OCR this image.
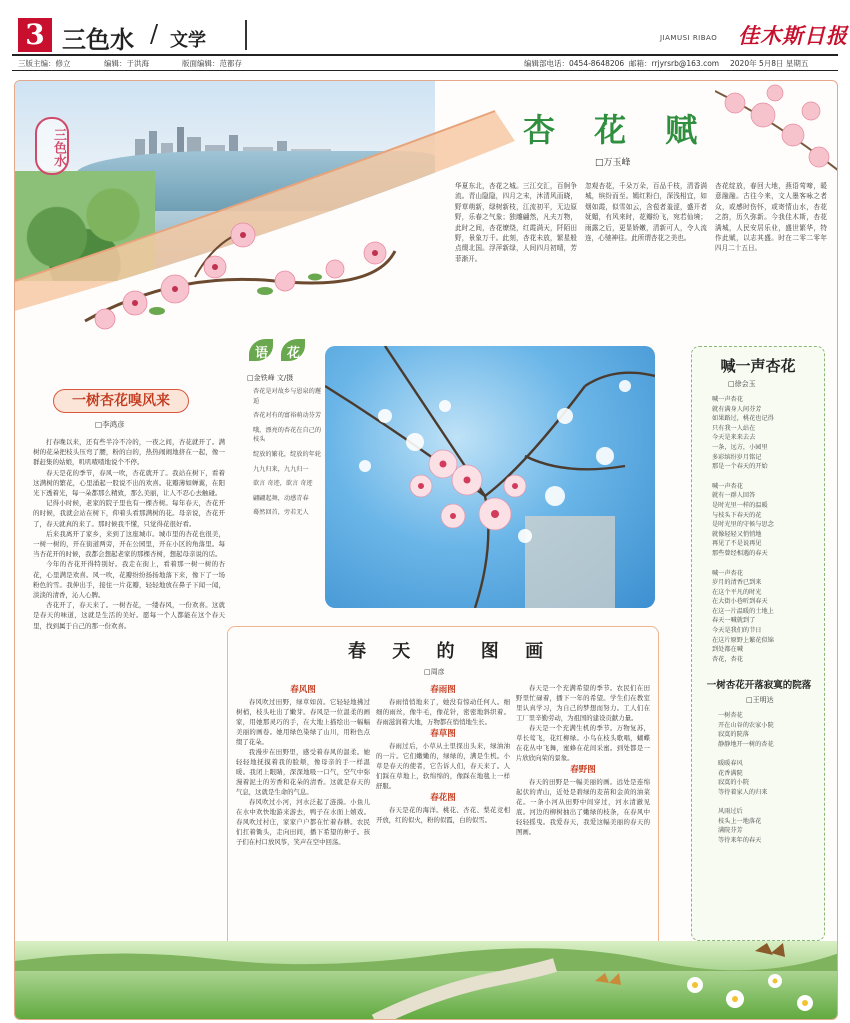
3 三色水 / 文学	JIAMUSI RIBAO 佳木斯日报
三版主编：修立	编辑：于洪海	版面编辑：范都存	编辑部电话：0454-8648206 邮箱：rrjyrsrb@163.com 2020年 5月8日 星期五
三色水	杏 花 赋
□万玉峰
华夏东北，杏花之城。三江交汇，百舸争流。青山隐隐，四月之末，沐清风而晓，野草萌新，绿树新枝，江流初平，无边原野，乐春之气象；独雕翩然，凡夫万物，此时之间，杏花缭绕，红霞满天，阡陌田野，景象万千。此刻，杏花未放，繁星般点缀北国。浮萍新绿，人间四月初晴，芳菲渐开。
忽观杏花，千朵万朵，百品千枝，清香满城，缤纷而至。嫣红粉白，深浅相宜，如烟如霞，似雪如云，含苞者羞涩，盛开者妩媚，有风来时，花瓣纷飞，宛若仙境；雨露之后，更显娇嫩，清新可人，令人流连，心驰神往。此所谓杏花之美也。
杏花绽放，春回大地，燕语莺啼，暖意融融。古往今来，文人墨客咏之者众，或感时伤怀，或寄情山水，杏花之韵，历久弥新。今我佳木斯，杏花满城，人民安居乐业，盛世繁华，特作此赋，以志其盛。时在二零二零年四月二十五日。
一树杏花嗅风来
□李鸿彦

打春晚以来，还有些半冷不冷的，一夜之间，杏花就开了。满树的花朵把枝头压弯了腰，粉的白的，热热闹闹地挤在一起，像一群赶集的姑娘，叽叽喳喳地说个不停。

春天是花的季节，春风一吹，杏花就开了。我站在树下，看着这满树的繁花，心里涌起一股说不出的欢喜。花瓣薄如蝉翼，在阳光下透着光，每一朵都那么精致，那么美丽，让人不忍心去触碰。

记得小时候，老家的院子里也有一棵杏树。每年春天，杏花开的时候，我就会站在树下，仰着头看那满树的花。母亲说，杏花开了，春天就真的来了。那时候我不懂，只觉得花很好看。

后来我离开了家乡，来到了这座城市。城市里的杏花也很美，一树一树的，开在街道两旁，开在公园里，开在小区的角落里。每当杏花开的时候，我都会想起老家的那棵杏树，想起母亲说的话。

今年的杏花开得特别好。我走在街上，看着那一树一树的杏花，心里满是欢喜。风一吹，花瓣纷纷扬扬地落下来，像下了一场粉色的雪。我伸出手，接住一片花瓣，轻轻地放在鼻子下闻一闻，淡淡的清香，沁人心脾。

杏花开了，春天来了。一树杏花，一缕春风，一份欢喜。这就是春天的味道，这就是生活的美好。愿每一个人都能在这个春天里，找到属于自己的那一份欢喜。

语 花
□金铁峰 文/摄
杏花是对故乡与恩泉的邂逅
杏花对有的富裕萌动芬芳
哦，漂亮的杏花在自己的枝头
绽放的繁花，绽放的年轮
九九归来，九九归一
欲言 奇迹，欲言 奇迹
翩翩起舞，动感青春
蓦然回首，旁若无人
喊一声杏花
□徐会玉
喊一声杏花
就有满身人间芬芳
如果路过，桃花也记得
只有我一人站在
今天是来来去去
一条，远方，小园里
多彩缤纷岁月铭记
那是一个春天的开始
喊一声杏花
就有一群人回答
是时光里一样的温暖
与枝头下春天的花
是时光里的守候与思念
就像轻轻又悄悄地
再见了不是说再见
那些曾经相遇的春天
喊一声杏花
岁月的清香已到来
在这个平凡的时光
在大街小巷听到春天
在这一片温暖的土地上
春天一喊就到了
今天是我们的节日
在这片原野上繁花似锦
到处都在喊
杏花，杏花
一树杏花开落寂寞的院落
□王明达
一树杏花
开在山谷的农家小院
寂寞的院落
静静地开一树的杏花

暖暖春风
花香满院
寂寞的小院
等待着家人的归来

风雨过后
枝头上一地落花
满院芬芳
等待来年的春天
春 天 的 图 画
□周彦
春风图
春风吹过田野，绿草如茵。它轻轻地拂过树梢，枝头吐出了嫩芽。春风是一位温柔的画家，用她那灵巧的手，在大地上描绘出一幅幅美丽的画卷。她用绿色染绿了山川，用粉色点缀了花朵。
我漫步在田野里，感受着春风的温柔。她轻轻地抚摸着我的脸颊，像母亲的手一样温暖。我闭上眼睛，深深地吸一口气，空气中弥漫着泥土的芳香和花朵的清香。这就是春天的气息，这就是生命的气息。
春风吹过小河，河水泛起了涟漪。小鱼儿在水中欢快地游来游去，鸭子在水面上嬉戏。春风吹过村庄，家家户户都在忙着春耕。农民们扛着锄头，走向田间，播下希望的种子。孩子们在村口放风筝，笑声在空中回荡。
春雨图
春雨悄悄地来了，她没有惊动任何人。细细的雨丝，像牛毛，像花针，密密地斜织着。春雨滋润着大地，万物都在悄悄地生长。
春草图
春雨过后，小草从土里探出头来，绿油油的一片。它们嫩嫩的，绿绿的，满是生机。小草是春天的使者，它告诉人们，春天来了。人们踩在草地上，软绵绵的，像踩在地毯上一样舒服。
春花图
春天是花的海洋。桃花、杏花、梨花竞相开放，红的似火，粉的似霞，白的似雪。
春天是一个充满希望的季节。农民们在田野里忙碌着，播下一年的希望。学生们在教室里认真学习，为自己的梦想而努力。工人们在工厂里辛勤劳动，为祖国的建设贡献力量。
春天是一个充满生机的季节。万物复苏，草长莺飞，花红柳绿。小鸟在枝头歌唱，蝴蝶在花丛中飞舞，蜜蜂在花间采蜜。到处都是一片欣欣向荣的景象。
春野图
春天的田野是一幅美丽的画。远处是连绵起伏的青山，近处是碧绿的麦苗和金黄的油菜花。一条小河从田野中间穿过，河水清澈见底。河边的柳树抽出了嫩绿的枝条，在春风中轻轻摇曳。我爱春天，我爱这幅美丽的春天的图画。
